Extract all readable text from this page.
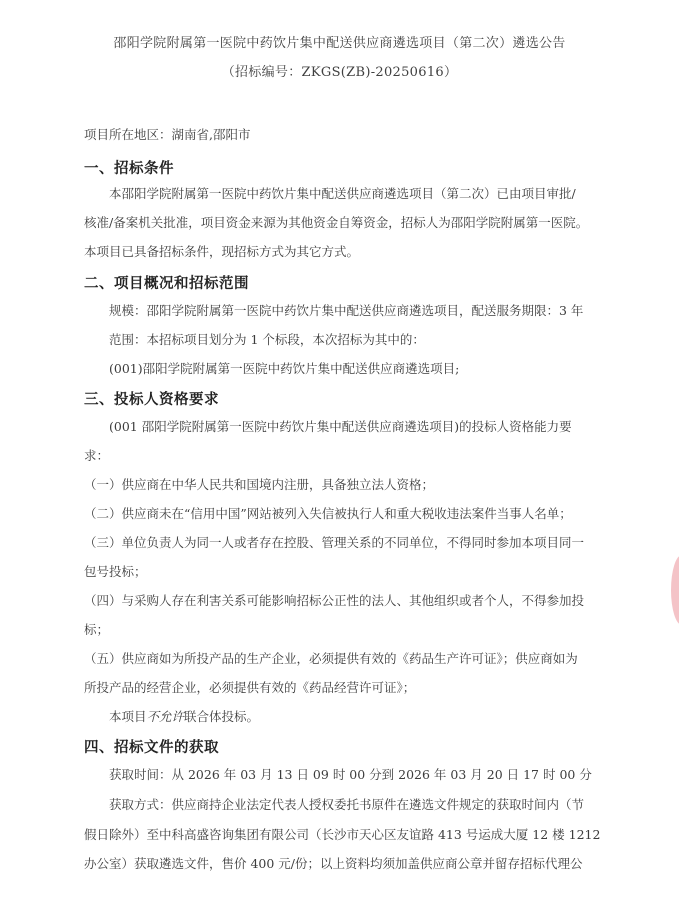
邵阳学院附属第一医院中药饮片集中配送供应商遴选项目（第二次）遴选公告
（招标编号：ZKGS(ZB)-20250616）
项目所在地区：湖南省,邵阳市
一、招标条件
本邵阳学院附属第一医院中药饮片集中配送供应商遴选项目（第二次）已由项目审批/
核准/备案机关批准，项目资金来源为其他资金自筹资金，招标人为邵阳学院附属第一医院。
本项目已具备招标条件，现招标方式为其它方式。
二、项目概况和招标范围
规模：邵阳学院附属第一医院中药饮片集中配送供应商遴选项目，配送服务期限：3 年
范围：本招标项目划分为 1 个标段，本次招标为其中的：
(001)邵阳学院附属第一医院中药饮片集中配送供应商遴选项目;
三、投标人资格要求
(001 邵阳学院附属第一医院中药饮片集中配送供应商遴选项目)的投标人资格能力要
求：
（一）供应商在中华人民共和国境内注册，具备独立法人资格；
（二）供应商未在“信用中国”网站被列入失信被执行人和重大税收违法案件当事人名单；
（三）单位负责人为同一人或者存在控股、管理关系的不同单位，不得同时参加本项目同一
包号投标；
（四）与采购人存在利害关系可能影响招标公正性的法人、其他组织或者个人，不得参加投
标；
（五）供应商如为所投产品的生产企业，必须提供有效的《药品生产许可证》；供应商如为
所投产品的经营企业，必须提供有效的《药品经营许可证》；
本项目不允许联合体投标。
四、招标文件的获取
获取时间：从 2026 年 03 月 13 日 09 时 00 分到 2026 年 03 月 20 日 17 时 00 分
获取方式：供应商持企业法定代表人授权委托书原件在遴选文件规定的获取时间内（节
假日除外）至中科高盛咨询集团有限公司（长沙市天心区友谊路 413 号运成大厦 12 楼 1212
办公室）获取遴选文件，售价 400 元/份；以上资料均须加盖供应商公章并留存招标代理公
